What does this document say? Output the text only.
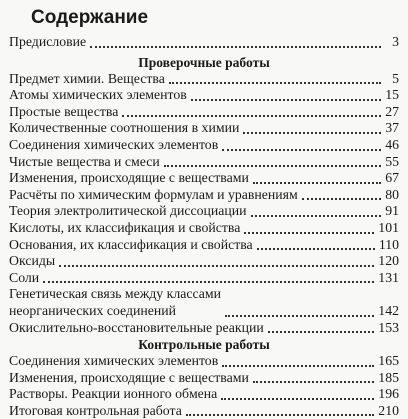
Содержание
Предисловие	3
Проверочные работы
Предмет химии. Вещества	5
Атомы химических элементов	15
Простые вещества	27
Количественные соотношения в химии	37
Соединения химических элементов	46
Чистые вещества и смеси	55
Изменения, происходящие с веществами	67
Расчёты по химическим формулам и уравнениям	80
Теория электролитической диссоциации	91
Кислоты, их классификация и свойства	101
Основания, их классификация и свойства	110
Оксиды	120
Соли	131
Генетическая связь между классами
неорганических соединений	142
Окислительно-восстановительные реакции	153
Контрольные работы
Соединения химических элементов	165
Изменения, происходящие с веществами	185
Растворы. Реакции ионного обмена	196
Итоговая контрольная работа	210
